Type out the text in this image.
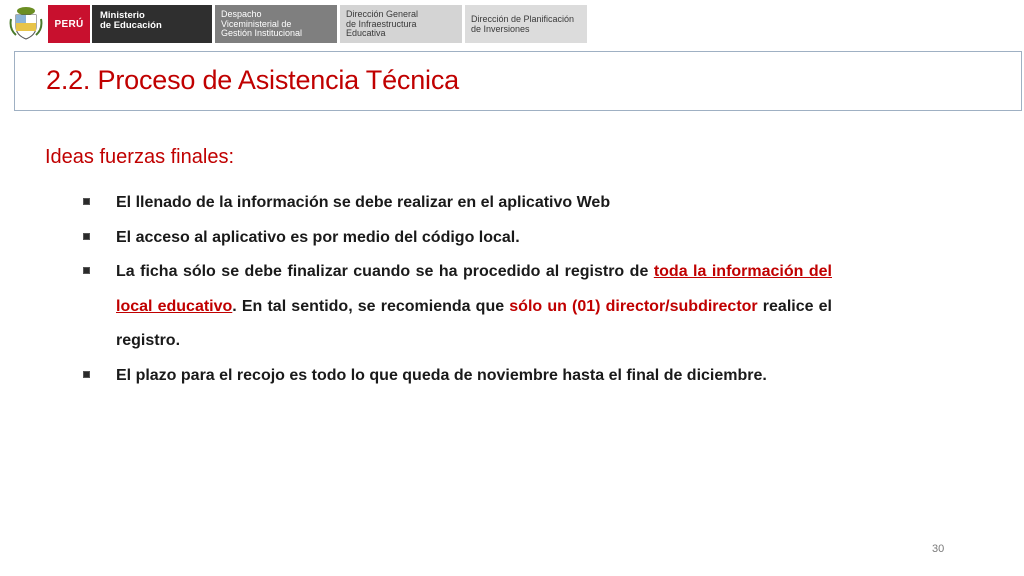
PERÚ
Ministerio
de Educación
Despacho
Viceministerial de
Gestión Institucional
Dirección General
de Infraestructura
Educativa
Dirección de Planificación
de Inversiones
2.2. Proceso de Asistencia Técnica
Ideas fuerzas finales:
El llenado de la información se debe realizar en el aplicativo Web
El acceso al aplicativo es por medio del código local.
La ficha sólo se debe finalizar cuando se ha procedido al registro de toda la información del local educativo. En tal sentido, se recomienda que sólo un (01) director/subdirector realice el registro.
El plazo para el recojo es todo lo que queda de noviembre hasta el final de diciembre.
30
